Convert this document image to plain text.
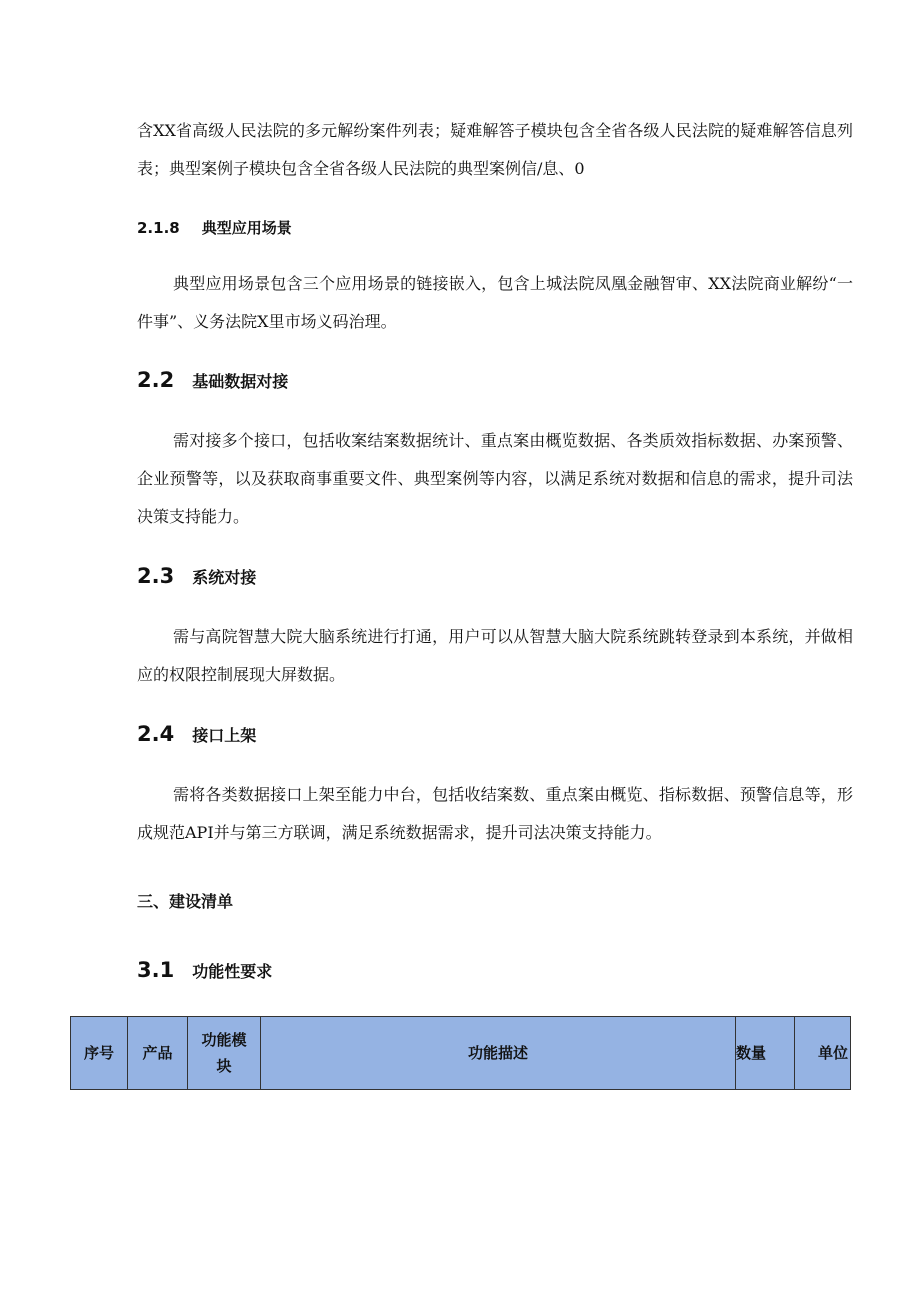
含XX省高级人民法院的多元解纷案件列表；疑难解答子模块包含全省各级人民法院的疑难解答信息列表；典型案例子模块包含全省各级人民法院的典型案例信/息、0

2.1.8 典型应用场景

典型应用场景包含三个应用场景的链接嵌入，包含上城法院凤凰金融智审、XX法院商业解纷“一件事”、义务法院X里市场义码治理。

2.2 基础数据对接

需对接多个接口，包括收案结案数据统计、重点案由概览数据、各类质效指标数据、办案预警、企业预警等，以及获取商事重要文件、典型案例等内容，以满足系统对数据和信息的需求，提升司法决策支持能力。

2.3 系统对接

需与高院智慧大院大脑系统进行打通，用户可以从智慧大脑大院系统跳转登录到本系统，并做相应的权限控制展现大屏数据。

2.4 接口上架

需将各类数据接口上架至能力中台，包括收结案数、重点案由概览、指标数据、预警信息等，形成规范API并与第三方联调，满足系统数据需求，提升司法决策支持能力。

三、建设清单
3.1 功能性要求
序号	产品	功能模块	功能描述	数量	单位
